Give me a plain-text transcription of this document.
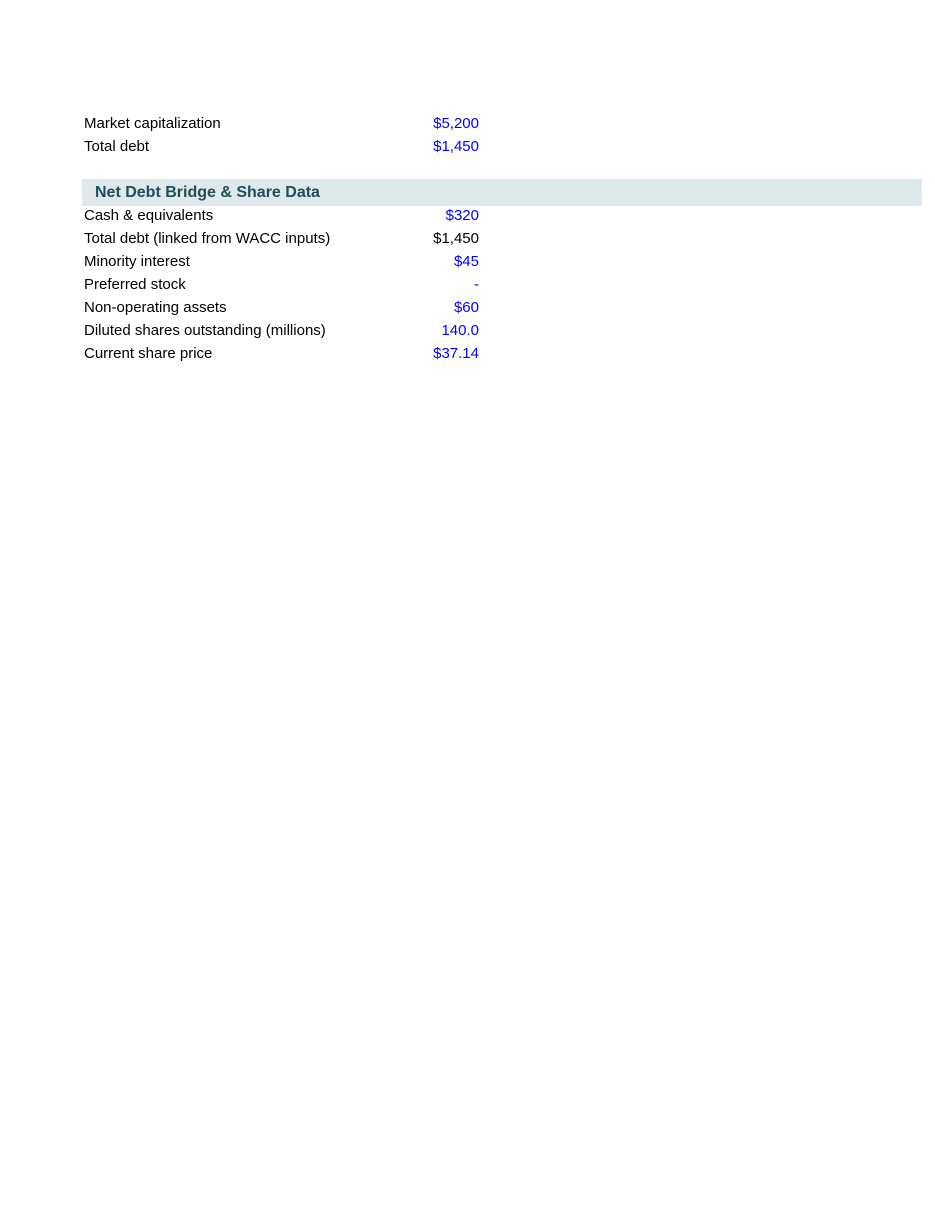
Market capitalization	$5,200
Total debt	$1,450
Net Debt Bridge & Share Data
Cash & equivalents	$320
Total debt (linked from WACC inputs)	$1,450
Minority interest	$45
Preferred stock	-
Non-operating assets	$60
Diluted shares outstanding (millions)	140.0
Current share price	$37.14
